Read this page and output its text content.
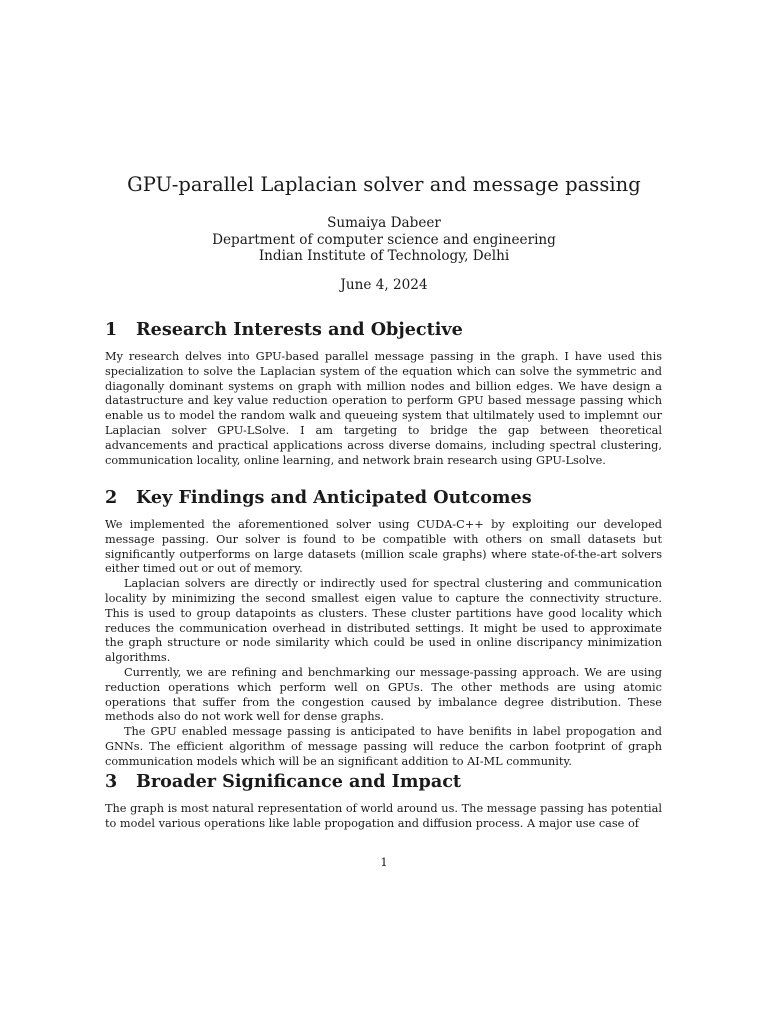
GPU-parallel Laplacian solver and message passing
Sumaiya Dabeer
Department of computer science and engineering
Indian Institute of Technology, Delhi
June 4, 2024
1 Research Interests and Objective

My research delves into GPU-based parallel message passing in the graph. I have used this specialization to solve the Laplacian system of the equation which can solve the symmetric and diagonally dominant systems on graph with million nodes and billion edges. We have design a datastructure and key value reduction operation to perform GPU based message passing which enable us to model the random walk and queueing system that ultilmately used to implemnt our Laplacian solver GPU-LSolve. I am targeting to bridge the gap between theoretical advancements and practical applications across diverse domains, including spectral clustering, communication locality, online learning, and network brain research using GPU-Lsolve.

2 Key Findings and Anticipated Outcomes

We implemented the aforementioned solver using CUDA-C++ by exploiting our developed message passing. Our solver is found to be compatible with others on small datasets but significantly outperforms on large datasets (million scale graphs) where state-of-the-art solvers either timed out or out of memory.

Laplacian solvers are directly or indirectly used for spectral clustering and communication locality by minimizing the second smallest eigen value to capture the connectivity structure. This is used to group datapoints as clusters. These cluster partitions have good locality which reduces the communication overhead in distributed settings. It might be used to approximate the graph structure or node similarity which could be used in online discripancy minimization algorithms.

Currently, we are refining and benchmarking our message-passing approach. We are using reduction operations which perform well on GPUs. The other methods are using atomic operations that suffer from the congestion caused by imbalance degree distribution. These methods also do not work well for dense graphs.

The GPU enabled message passing is anticipated to have benifits in label propogation and GNNs. The efficient algorithm of message passing will reduce the carbon footprint of graph communication models which will be an significant addition to AI-ML community.

3 Broader Significance and Impact

The graph is most natural representation of world around us. The message passing has potential to model various operations like lable propogation and diffusion process. A major use case of

1
